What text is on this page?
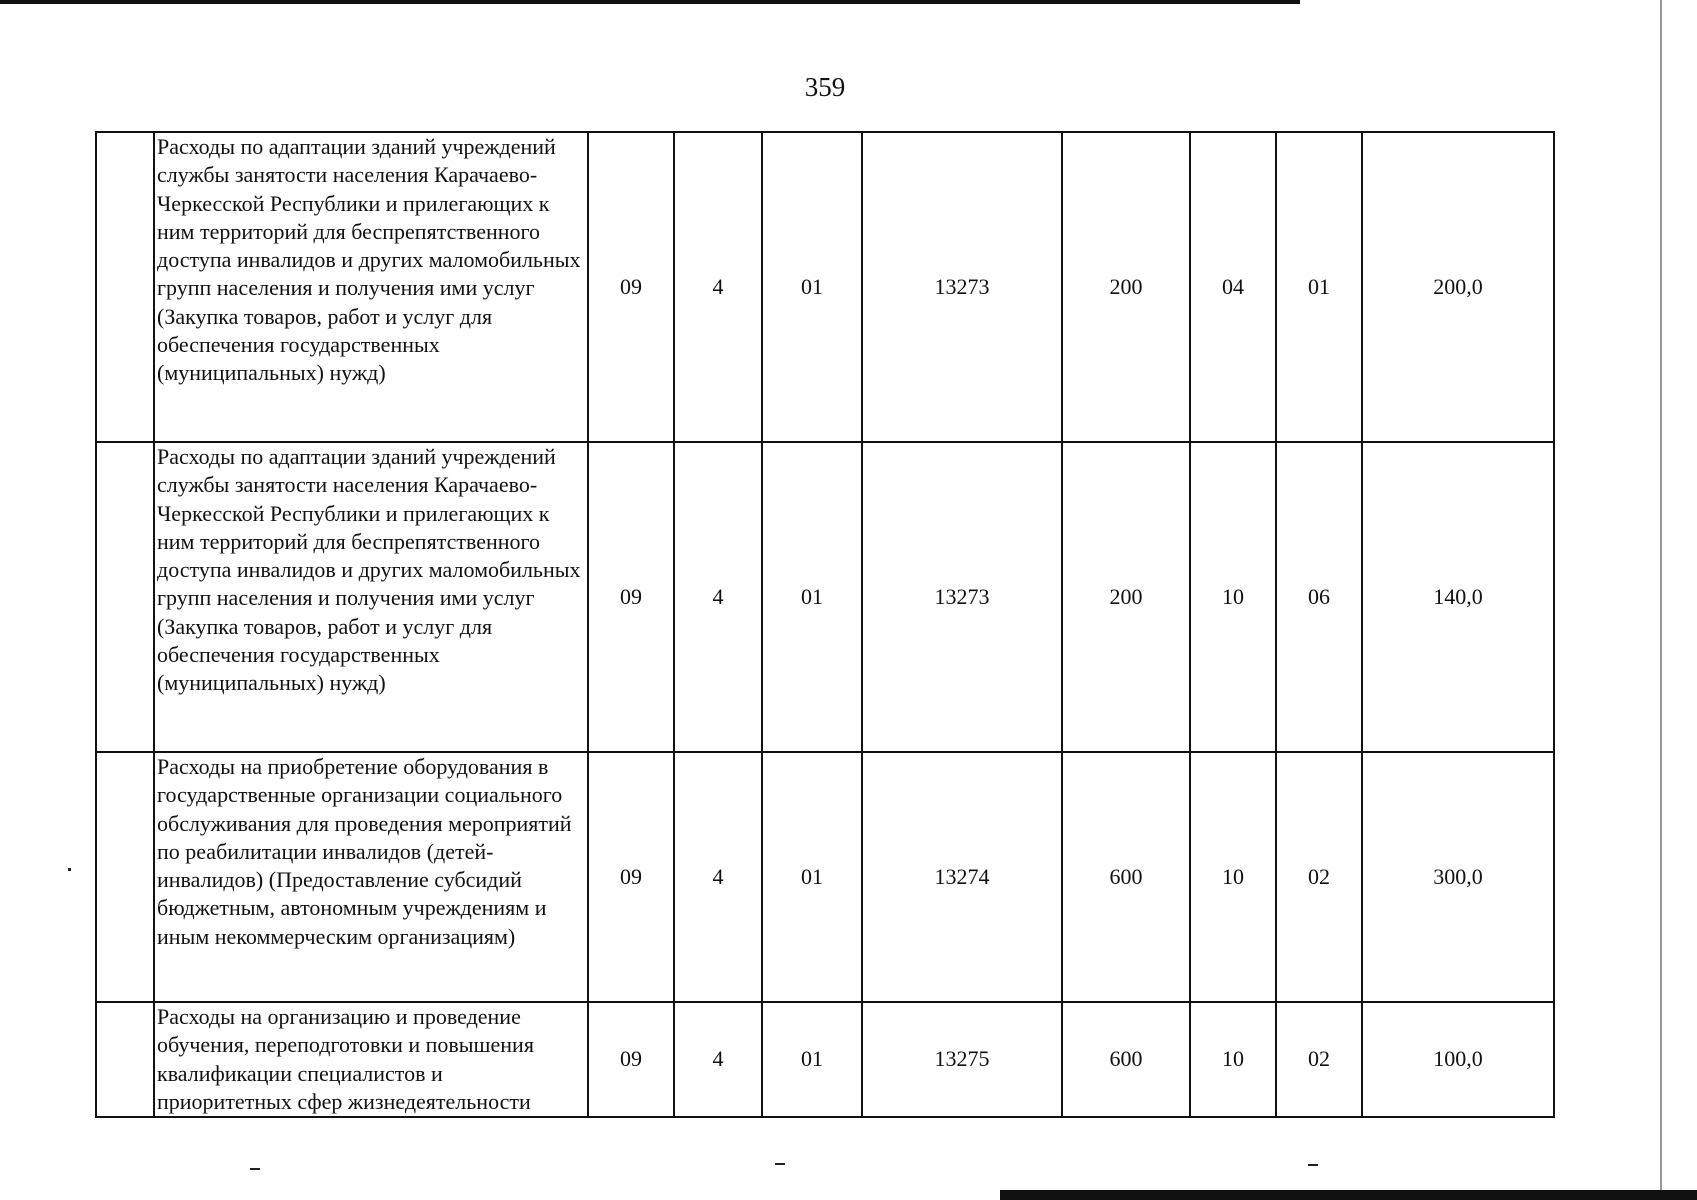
359
	Расходы по адаптации зданий учреждений службы занятости населения Карачаево-Черкесской Республики и прилегающих к ним территорий для беспрепятственного доступа инвалидов и других маломобильных групп населения и получения ими услуг (Закупка товаров, работ и услуг для обеспечения государственных (муниципальных) нужд)	09	4	01	13273	200	04	01	200,0
	Расходы по адаптации зданий учреждений службы занятости населения Карачаево-Черкесской Республики и прилегающих к ним территорий для беспрепятственного доступа инвалидов и других маломобильных групп населения и получения ими услуг (Закупка товаров, работ и услуг для обеспечения государственных (муниципальных) нужд)	09	4	01	13273	200	10	06	140,0
	Расходы на приобретение оборудования в государственные организации социального обслуживания для проведения мероприятий по реабилитации инвалидов (детей-инвалидов) (Предоставление субсидий бюджетным, автономным учреждениям и иным некоммерческим организациям)	09	4	01	13274	600	10	02	300,0
	Расходы на организацию и проведение обучения, переподготовки и повышения квалификации специалистов и приоритетных сфер жизнедеятельности	09	4	01	13275	600	10	02	100,0
